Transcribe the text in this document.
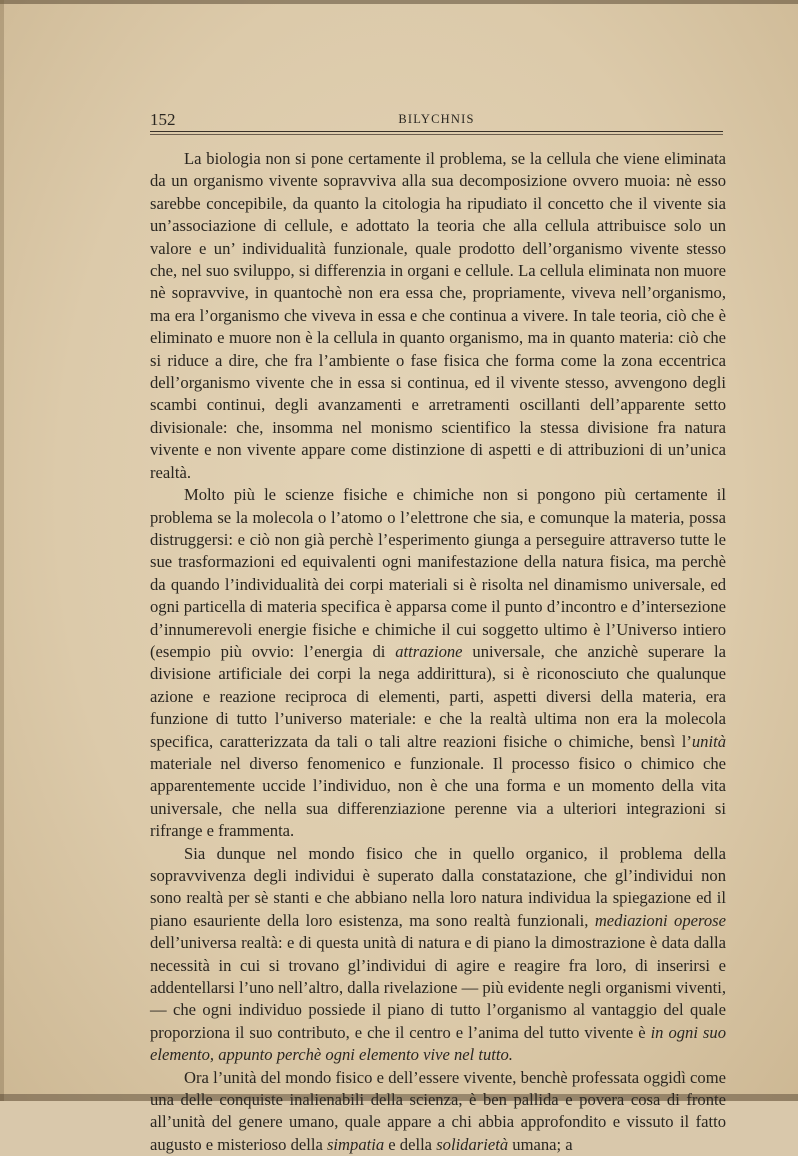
152	BILYCHNIS

La biologia non si pone certamente il problema, se la cellula che viene eliminata da un organismo vivente sopravviva alla sua decomposizione ovvero muoia: nè esso sarebbe concepibile, da quanto la citologia ha ripudiato il concetto che il vivente sia un’associazione di cellule, e adottato la teoria che alla cellula attribuisce solo un valore e un’ individualità funzionale, quale prodotto dell’organismo vivente stesso che, nel suo sviluppo, si differenzia in organi e cellule. La cellula eliminata non muore nè sopravvive, in quantochè non era essa che, propriamente, viveva nell’organismo, ma era l’organismo che viveva in essa e che continua a vivere. In tale teoria, ciò che è eliminato e muore non è la cellula in quanto organismo, ma in quanto materia: ciò che si riduce a dire, che fra l’ambiente o fase fisica che forma come la zona eccentrica dell’organismo vivente che in essa si continua, ed il vivente stesso, avvengono degli scambi continui, degli avanzamenti e arretramenti oscillanti dell’apparente setto divisionale: che, insomma nel monismo scientifico la stessa divisione fra natura vivente e non vivente appare come distinzione di aspetti e di attribuzioni di un’unica realtà.

Molto più le scienze fisiche e chimiche non si pongono più certamente il problema se la molecola o l’atomo o l’elettrone che sia, e comunque la materia, possa distruggersi: e ciò non già perchè l’esperimento giunga a perseguire attraverso tutte le sue trasformazioni ed equivalenti ogni manifestazione della natura fisica, ma perchè da quando l’individualità dei corpi materiali si è risolta nel dinamismo universale, ed ogni particella di materia specifica è apparsa come il punto d’incontro e d’intersezione d’innumerevoli energie fisiche e chimiche il cui soggetto ultimo è l’Universo intiero (esempio più ovvio: l’energia di attrazione universale, che anzichè superare la divisione artificiale dei corpi la nega addirittura), si è riconosciuto che qualunque azione e reazione reciproca di elementi, parti, aspetti diversi della materia, era funzione di tutto l’universo materiale: e che la realtà ultima non era la molecola specifica, caratterizzata da tali o tali altre reazioni fisiche o chimiche, bensì l’unità materiale nel diverso fenomenico e funzionale. Il processo fisico o chimico che apparentemente uccide l’individuo, non è che una forma e un momento della vita universale, che nella sua differenziazione perenne via a ulteriori integrazioni si rifrange e frammenta.

Sia dunque nel mondo fisico che in quello organico, il problema della sopravvivenza degli individui è superato dalla constatazione, che gl’individui non sono realtà per sè stanti e che abbiano nella loro natura individua la spiegazione ed il piano esauriente della loro esistenza, ma sono realtà funzionali, mediazioni operose dell’universa realtà: e di questa unità di natura e di piano la dimostrazione è data dalla necessità in cui si trovano gl’individui di agire e reagire fra loro, di inserirsi e addentellarsi l’uno nell’altro, dalla rivelazione — più evidente negli organismi viventi, — che ogni individuo possiede il piano di tutto l’organismo al vantaggio del quale proporziona il suo contributo, e che il centro e l’anima del tutto vivente è in ogni suo elemento, appunto perchè ogni elemento vive nel tutto.

Ora l’unità del mondo fisico e dell’essere vivente, benchè professata oggidì come una delle conquiste inalienabili della scienza, è ben pallida e povera cosa di fronte all’unità del genere umano, quale appare a chi abbia approfondito e vissuto il fatto augusto e misterioso della simpatia e della solidarietà umana; a
